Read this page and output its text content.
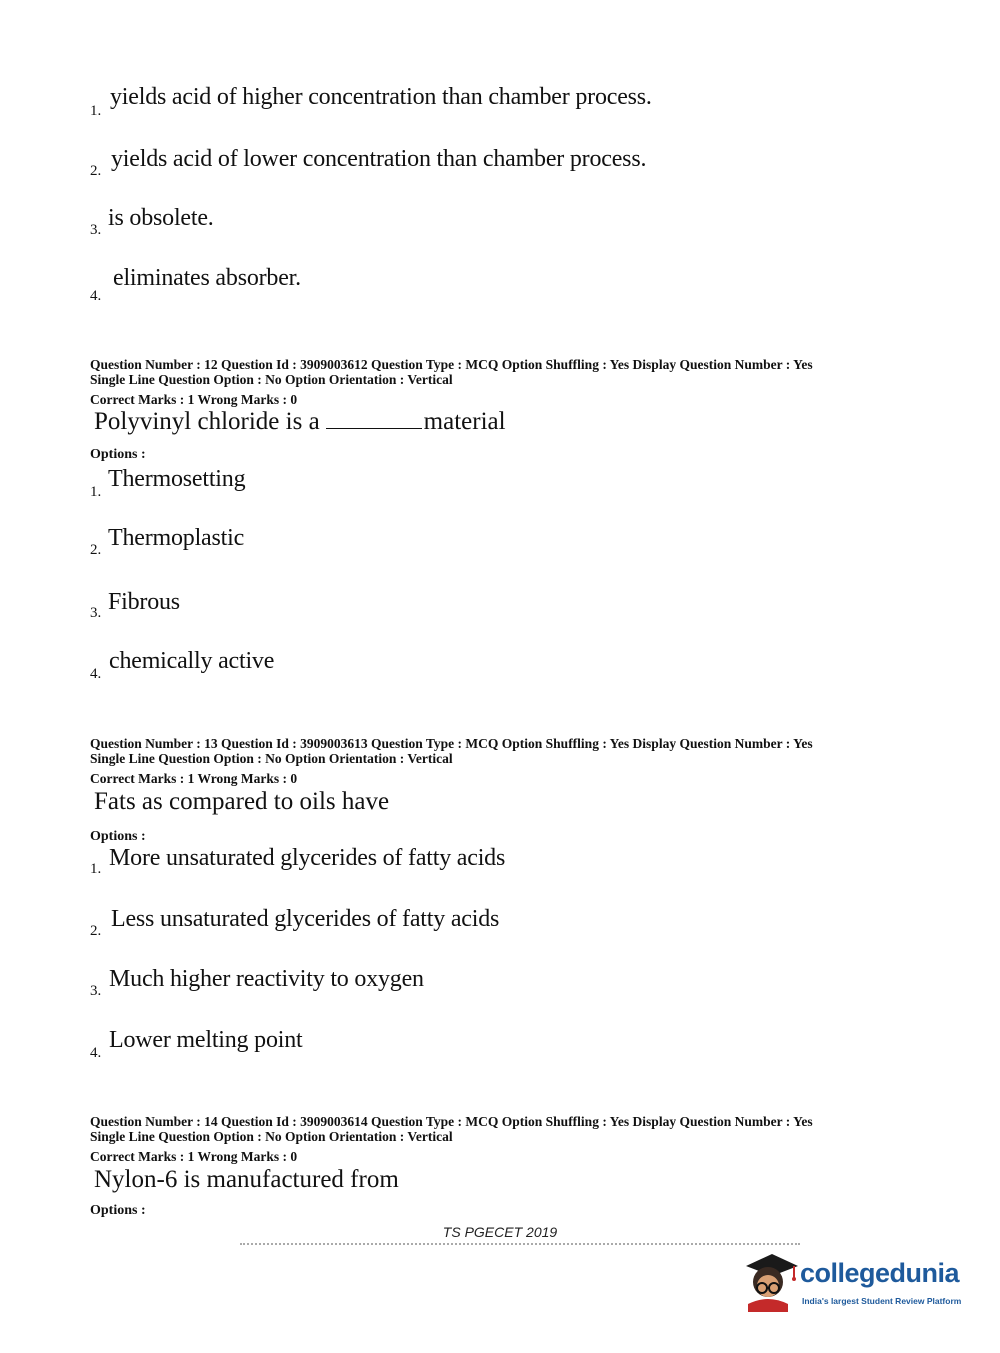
1.
yields acid of higher concentration than chamber process.
2. yields acid of lower concentration than chamber process.
3. is obsolete.
4.
eliminates absorber.
Question Number : 12 Question Id : 3909003612 Question Type : MCQ Option Shuffling : Yes Display Question Number : Yes
Single Line Question Option : No Option Orientation : Vertical
Correct Marks : 1 Wrong Marks : 0
Polyvinyl chloride is a	material
Options :
1. Thermosetting
2. Thermoplastic
3. Fibrous
4. chemically active
Question Number : 13 Question Id : 3909003613 Question Type : MCQ Option Shuffling : Yes Display Question Number : Yes
Single Line Question Option : No Option Orientation : Vertical
Correct Marks : 1 Wrong Marks : 0
Fats as compared to oils have
Options :
1. More unsaturated glycerides of fatty acids
2. Less unsaturated glycerides of fatty acids
3. Much higher reactivity to oxygen
4. Lower melting point
Question Number : 14 Question Id : 3909003614 Question Type : MCQ Option Shuffling : Yes Display Question Number : Yes
Single Line Question Option : No Option Orientation : Vertical
Correct Marks : 1 Wrong Marks : 0
Nylon-6 is manufactured from
Options :
TS PGECET 2019
collegedunia
India's largest Student Review Platform
